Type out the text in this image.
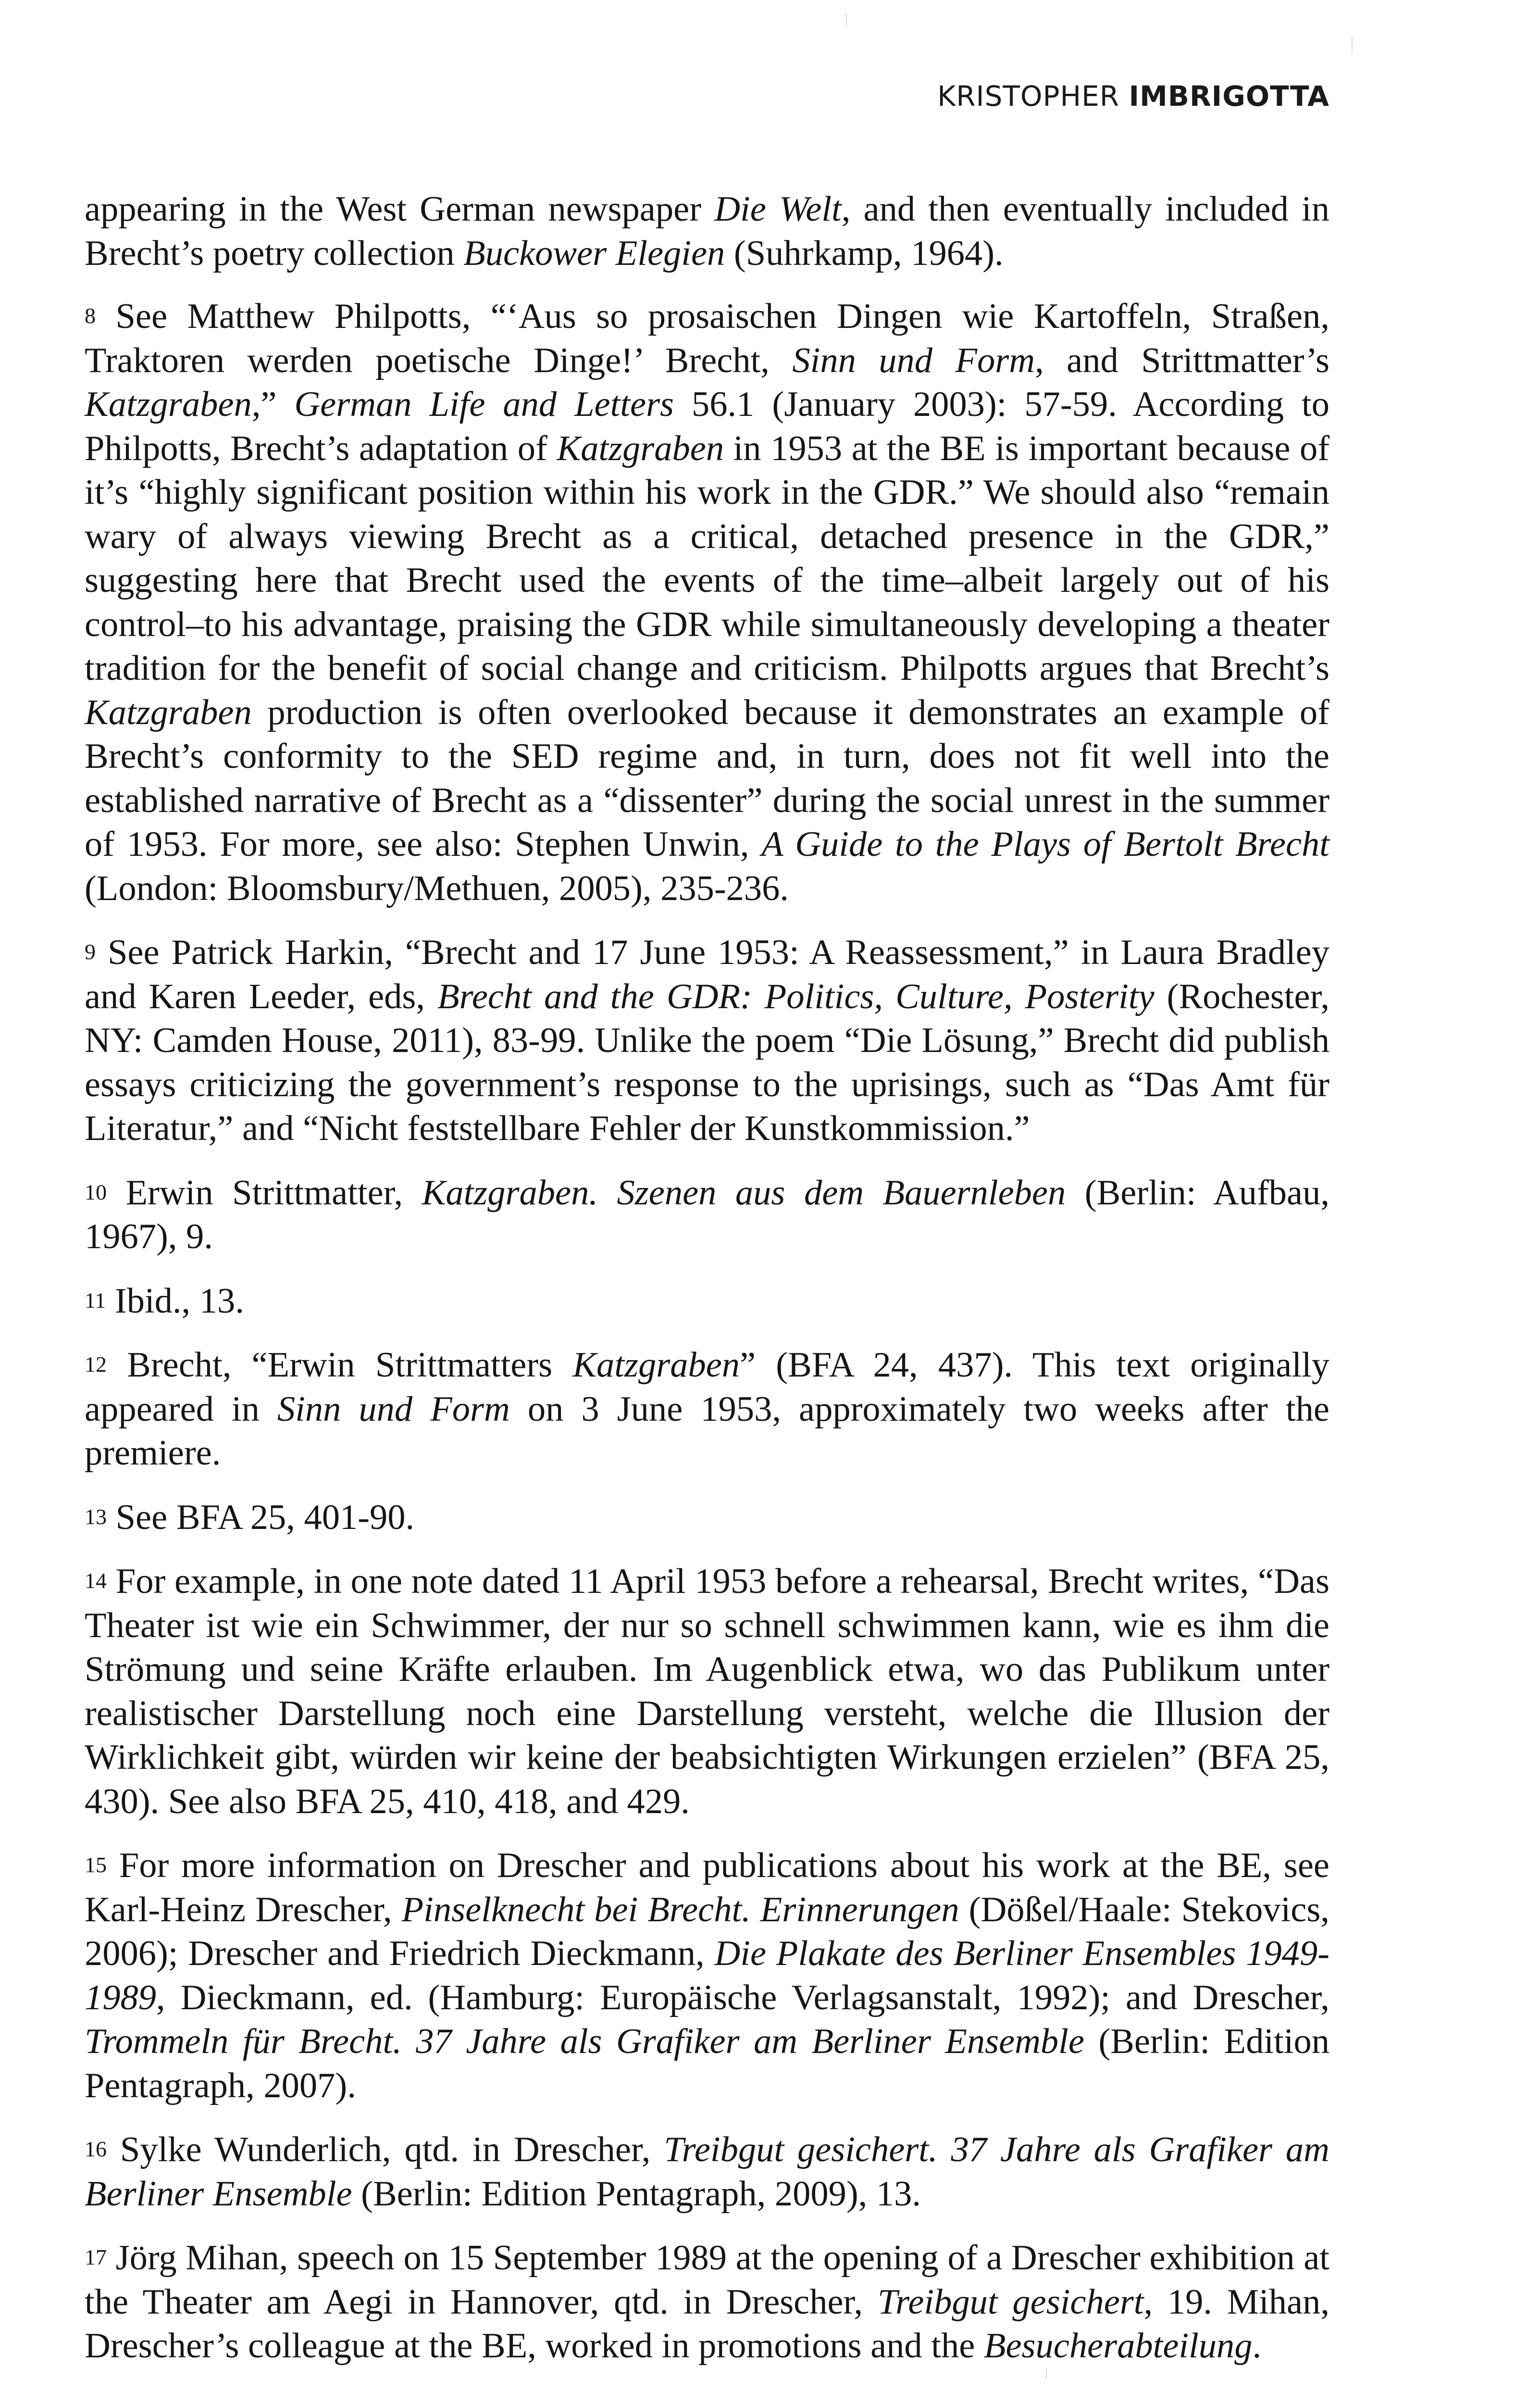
KRISTOPHER IMBRIGOTTA

appearing in the West German newspaper Die Welt, and then eventually included in Brecht’s poetry collection Buckower Elegien (Suhrkamp, 1964).

$^8$ See Matthew Philpotts, “‘Aus so prosaischen Dingen wie Kartoffeln, Straßen, Traktoren werden poetische Dinge!’ Brecht, Sinn und Form, and Strittmatter’s Katzgraben,” German Life and Letters 56.1 (January 2003): 57-59. According to Philpotts, Brecht’s adaptation of Katzgraben in 1953 at the BE is important because of it’s “highly significant position within his work in the GDR.” We should also “remain wary of always viewing Brecht as a critical, detached presence in the GDR,” suggesting here that Brecht used the events of the time–albeit largely out of his control–to his advantage, praising the GDR while simultaneously developing a theater tradition for the benefit of social change and criticism. Philpotts argues that Brecht’s Katzgraben production is often overlooked because it demonstrates an example of Brecht’s conformity to the SED regime and, in turn, does not fit well into the established narrative of Brecht as a “dissenter” during the social unrest in the summer of 1953. For more, see also: Stephen Unwin, A Guide to the Plays of Bertolt Brecht (London: Bloomsbury/Methuen, 2005), 235-236.

$^9$ See Patrick Harkin, “Brecht and 17 June 1953: A Reassessment,” in Laura Bradley and Karen Leeder, eds, Brecht and the GDR: Politics, Culture, Posterity (Rochester, NY: Camden House, 2011), 83-99. Unlike the poem “Die Lösung,” Brecht did publish essays criticizing the government’s response to the uprisings, such as “Das Amt für Literatur,” and “Nicht feststellbare Fehler der Kunstkommission.”

$^{10}$ Erwin Strittmatter, Katzgraben. Szenen aus dem Bauernleben (Berlin: Aufbau, 1967), 9.

$^{11}$ Ibid., 13.

$^{12}$ Brecht, “Erwin Strittmatters Katzgraben” (BFA 24, 437). This text originally appeared in Sinn und Form on 3 June 1953, approximately two weeks after the premiere.

$^{13}$ See BFA 25, 401-90.

$^{14}$ For example, in one note dated 11 April 1953 before a rehearsal, Brecht writes, “Das Theater ist wie ein Schwimmer, der nur so schnell schwimmen kann, wie es ihm die Strömung und seine Kräfte erlauben. Im Augenblick etwa, wo das Publikum unter realistischer Darstellung noch eine Darstellung versteht, welche die Illusion der Wirklichkeit gibt, würden wir keine der beabsichtigten Wirkungen erzielen” (BFA 25, 430). See also BFA 25, 410, 418, and 429.

$^{15}$ For more information on Drescher and publications about his work at the BE, see Karl-Heinz Drescher, Pinselknecht bei Brecht. Erinnerungen (Dößel/Haale: Stekovics, 2006); Drescher and Friedrich Dieckmann, Die Plakate des Berliner Ensembles 1949-1989, Dieckmann, ed. (Hamburg: Europäische Verlagsanstalt, 1992); and Drescher, Trommeln für Brecht. 37 Jahre als Grafiker am Berliner Ensemble (Berlin: Edition Pentagraph, 2007).

$^{16}$ Sylke Wunderlich, qtd. in Drescher, Treibgut gesichert. 37 Jahre als Grafiker am Berliner Ensemble (Berlin: Edition Pentagraph, 2009), 13.

$^{17}$ Jörg Mihan, speech on 15 September 1989 at the opening of a Drescher exhibition at the Theater am Aegi in Hannover, qtd. in Drescher, Treibgut gesichert, 19. Mihan, Drescher’s colleague at the BE, worked in promotions and the Besucherabteilung.
